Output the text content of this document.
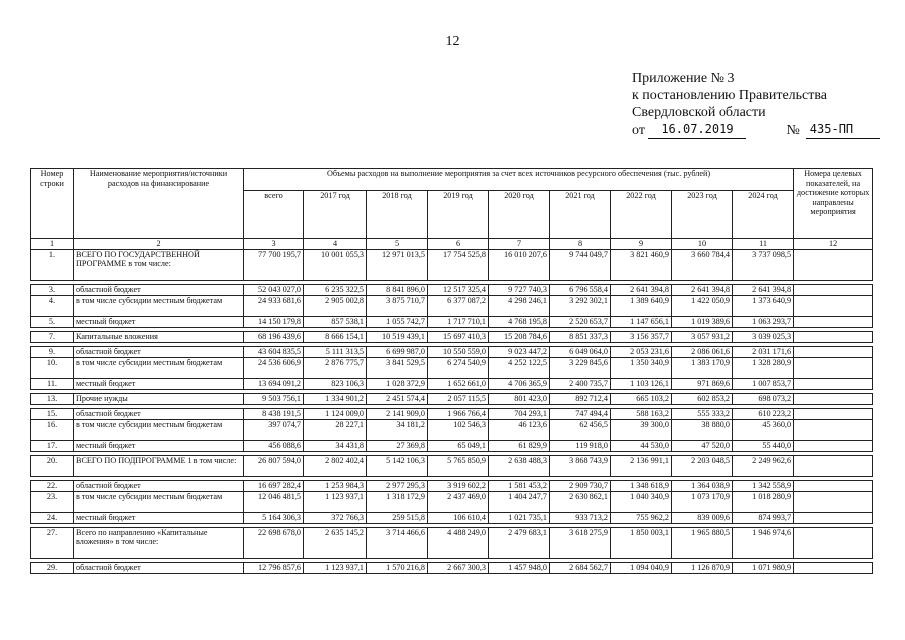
12
Приложение № 3
к постановлению Правительства
Свердловской области
от
	16.07.2019	№ 435-ПП
Номер строки	Наименование мероприятия/источники расходов на финансирование	Объемы расходов на выполнение мероприятия за счет всех источников ресурсного обеспечения (тыс. рублей)									Номера целевых показателей, на достижение которых направлены мероприятия
		всего	2017 год	2018 год	2019 год	2020 год	2021 год	2022 год	2023 год	2024 год	
1	2	3	4	5	6	7	8	9	10	11	12
1.	ВСЕГО ПО ГОСУДАРСТВЕННОЙ ПРОГРАММЕ в том числе:	77 700 195,7	10 001 055,3	12 971 013,5	17 754 525,8	16 010 207,6	9 744 049,7	3 821 460,9	3 660 784,4	3 737 098,5	

3.	областной бюджет	52 043 027,0	6 235 322,5	8 841 896,0	12 517 325,4	9 727 740,3	6 796 558,4	2 641 394,8	2 641 394,8	2 641 394,8	
4.	в том числе субсидии местным бюджетам	24 933 681,6	2 905 002,8	3 875 710,7	6 377 087,2	4 298 246,1	3 292 302,1	1 389 640,9	1 422 050,9	1 373 640,9	
5.	местный бюджет	14 150 179,8	857 538,1	1 055 742,7	1 717 710,1	4 768 195,8	2 520 653,7	1 147 656,1	1 019 389,6	1 063 293,7	

7.	Капитальные вложения	68 196 439,6	8 666 154,1	10 519 439,1	15 697 410,3	15 208 784,6	8 851 337,3	3 156 357,7	3 057 931,2	3 039 025,3	

9.	областной бюджет	43 604 835,5	5 111 313,5	6 699 987,0	10 550 559,0	9 023 447,2	6 049 064,0	2 053 231,6	2 086 061,6	2 031 171,6	
10.	в том числе субсидии местным бюджетам	24 536 606,9	2 876 775,7	3 841 529,5	6 274 540,9	4 252 122,5	3 229 845,6	1 350 340,9	1 383 170,9	1 328 280,9	
11.	местный бюджет	13 694 091,2	823 106,3	1 028 372,9	1 652 661,0	4 706 365,9	2 400 735,7	1 103 126,1	971 869,6	1 007 853,7	

13.	Прочие нужды	9 503 756,1	1 334 901,2	2 451 574,4	2 057 115,5	801 423,0	892 712,4	665 103,2	602 853,2	698 073,2	

15.	областной бюджет	8 438 191,5	1 124 009,0	2 141 909,0	1 966 766,4	704 293,1	747 494,4	588 163,2	555 333,2	610 223,2	
16.	в том числе субсидии местным бюджетам	397 074,7	28 227,1	34 181,2	102 546,3	46 123,6	62 456,5	39 300,0	38 880,0	45 360,0	
17.	местный бюджет	456 088,6	34 431,8	27 369,8	65 049,1	61 829,9	119 918,0	44 530,0	47 520,0	55 440,0	

20.	ВСЕГО ПО ПОДПРОГРАММЕ 1 в том числе:	26 807 594,0	2 802 402,4	5 142 106,3	5 765 850,9	2 638 488,3	3 868 743,9	2 136 991,1	2 203 048,5	2 249 962,6	

22.	областной бюджет	16 697 282,4	1 253 984,3	2 977 295,3	3 919 602,2	1 581 453,2	2 909 730,7	1 348 618,9	1 364 038,9	1 342 558,9	
23.	в том числе субсидии местным бюджетам	12 046 481,5	1 123 937,1	1 318 172,9	2 437 469,0	1 404 247,7	2 630 862,1	1 040 340,9	1 073 170,9	1 018 280,9	
24.	местный бюджет	5 164 306,3	372 766,3	259 515,8	106 610,4	1 021 735,1	933 713,2	755 962,2	839 009,6	874 993,7	

27.	Всего по направлению «Капитальные вложения» в том числе:	22 698 678,0	2 635 145,2	3 714 466,6	4 488 249,0	2 479 683,1	3 618 275,9	1 850 003,1	1 965 880,5	1 946 974,6	

29.	областной бюджет	12 796 857,6	1 123 937,1	1 570 216,8	2 667 300,3	1 457 948,0	2 684 562,7	1 094 040,9	1 126 870,9	1 071 980,9	
